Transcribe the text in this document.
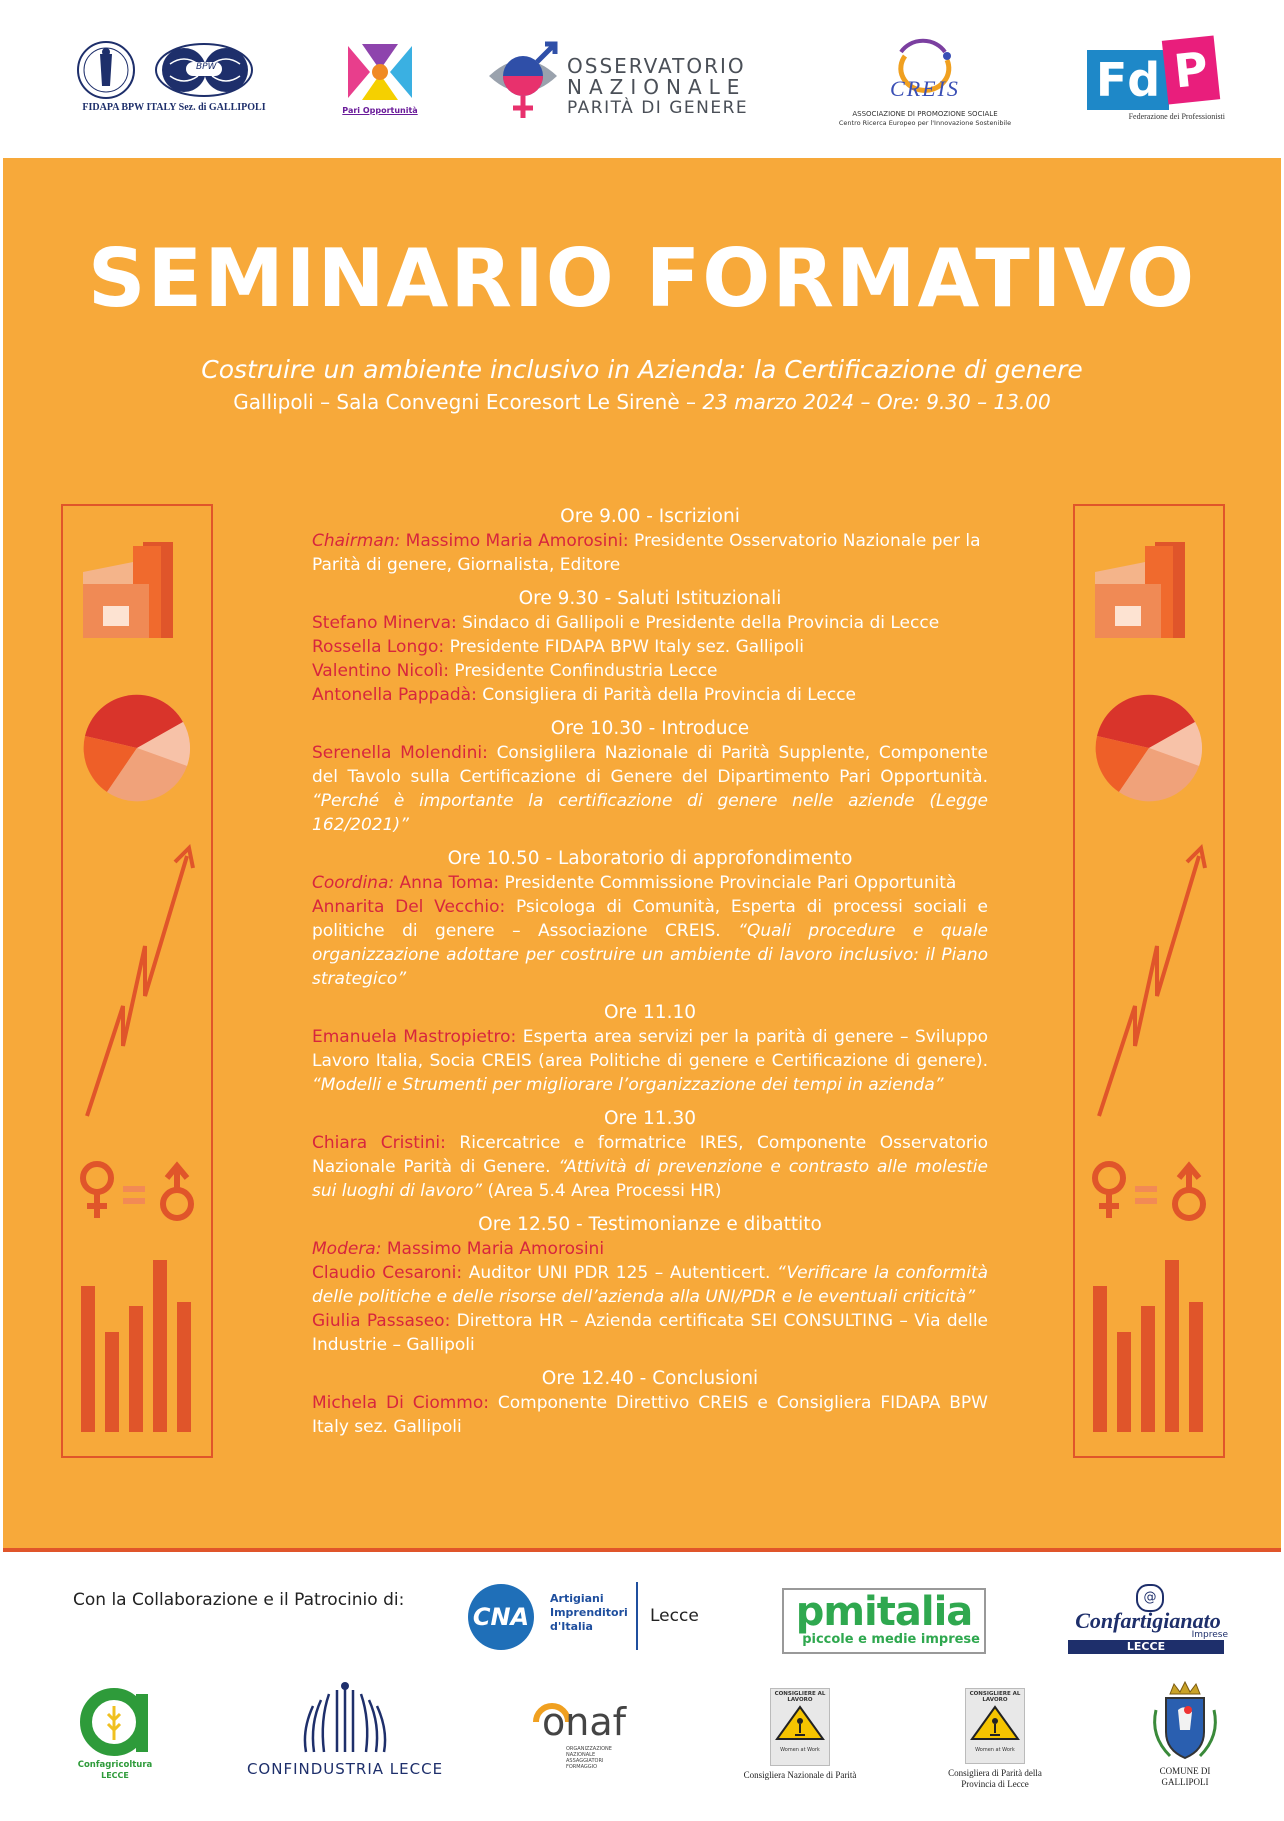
FIDAPA BPW ITALY Sez. di GALLIPOLI
BPW
Pari Opportunità
OSSERVATORIO
NAZIONALE
PARITÀ DI GENERE
CREIS
ASSOCIAZIONE DI PROMOZIONE SOCIALE
Centro Ricerca Europeo per l'Innovazione Sostenibile
Fd P
Federazione dei Professionisti
SEMINARIO FORMATIVO
Costruire un ambiente inclusivo in Azienda: la Certificazione di genere
Gallipoli – Sala Convegni Ecoresort Le Sirenè – 23 marzo 2024 – Ore: 9.30 – 13.00
Ore 9.00 - Iscrizioni
Chairman: Massimo Maria Amorosini: Presidente Osservatorio Nazionale per la Parità di genere, Giornalista, Editore
Ore 9.30 - Saluti Istituzionali
Stefano Minerva: Sindaco di Gallipoli e Presidente della Provincia di Lecce
Rossella Longo: Presidente FIDAPA BPW Italy sez. Gallipoli
Valentino Nicolì: Presidente Confindustria Lecce
Antonella Pappadà: Consigliera di Parità della Provincia di Lecce
Ore 10.30 - Introduce
Serenella Molendini: Consiglilera Nazionale di Parità Supplente, Componente del Tavolo sulla Certificazione di Genere del Dipartimento Pari Opportunità. “Perché è importante la certificazione di genere nelle aziende (Legge 162/2021)”
Ore 10.50 - Laboratorio di approfondimento
Coordina: Anna Toma: Presidente Commissione Provinciale Pari Opportunità
Annarita Del Vecchio: Psicologa di Comunità, Esperta di processi sociali e politiche di genere – Associazione CREIS. “Quali procedure e quale organizzazione adottare per costruire un ambiente di lavoro inclusivo: il Piano strategico”
Ore 11.10
Emanuela Mastropietro: Esperta area servizi per la parità di genere – Sviluppo Lavoro Italia, Socia CREIS (area Politiche di genere e Certificazione di genere). “Modelli e Strumenti per migliorare l’organizzazione dei tempi in azienda”
Ore 11.30
Chiara Cristini: Ricercatrice e formatrice IRES, Componente Osservatorio Nazionale Parità di Genere. “Attività di prevenzione e contrasto alle molestie sui luoghi di lavoro” (Area 5.4 Area Processi HR)
Ore 12.50 - Testimonianze e dibattito
Modera: Massimo Maria Amorosini
Claudio Cesaroni: Auditor UNI PDR 125 – Autenticert. “Verificare la conformità delle politiche e delle risorse dell’azienda alla UNI/PDR e le eventuali criticità”
Giulia Passaseo: Direttora HR – Azienda certificata SEI CONSULTING – Via delle Industrie – Gallipoli
Ore 12.40 - Conclusioni
Michela Di Ciommo: Componente Direttivo CREIS e Consigliera FIDAPA BPW Italy sez. Gallipoli
Con la Collaborazione e il Patrocinio di:
CNA
Artigiani
Imprenditori
d'Italia
Lecce pmitalia
piccole e medie imprese
@
Confartigianato
Imprese
LECCE
Confagricoltura
LECCE	CONFINDUSTRIA LECCE
onaf
ORGANIZZAZIONE NAZIONALE ASSAGGIATORI FORMAGGIO
CONSIGLIERE AL LAVORO
Women at Work
Consigliera Nazionale di Parità
CONSIGLIERE AL LAVORO
Women at Work
Consigliera di Parità della
Provincia di Lecce
COMUNE DI
GALLIPOLI
